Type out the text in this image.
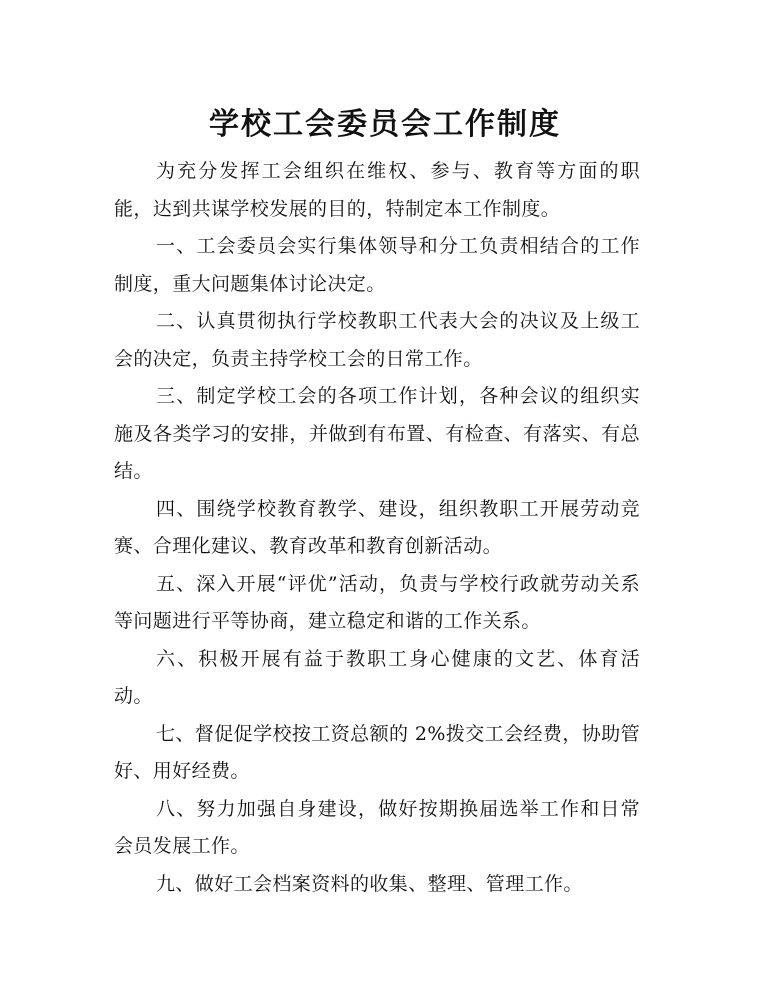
学校工会委员会工作制度

为充分发挥工会组织在维权、参与、教育等方面的职能，达到共谋学校发展的目的，特制定本工作制度。

一、工会委员会实行集体领导和分工负责相结合的工作制度，重大问题集体讨论决定。

二、认真贯彻执行学校教职工代表大会的决议及上级工会的决定，负责主持学校工会的日常工作。

三、制定学校工会的各项工作计划，各种会议的组织实施及各类学习的安排，并做到有布置、有检查、有落实、有总结。

四、围绕学校教育教学、建设，组织教职工开展劳动竞赛、合理化建议、教育改革和教育创新活动。

五、深入开展“评优”活动，负责与学校行政就劳动关系等问题进行平等协商，建立稳定和谐的工作关系。

六、积极开展有益于教职工身心健康的文艺、体育活动。

七、督促促学校按工资总额的 2%拨交工会经费，协助管好、用好经费。

八、努力加强自身建设，做好按期换届选举工作和日常会员发展工作。

九、做好工会档案资料的收集、整理、管理工作。
